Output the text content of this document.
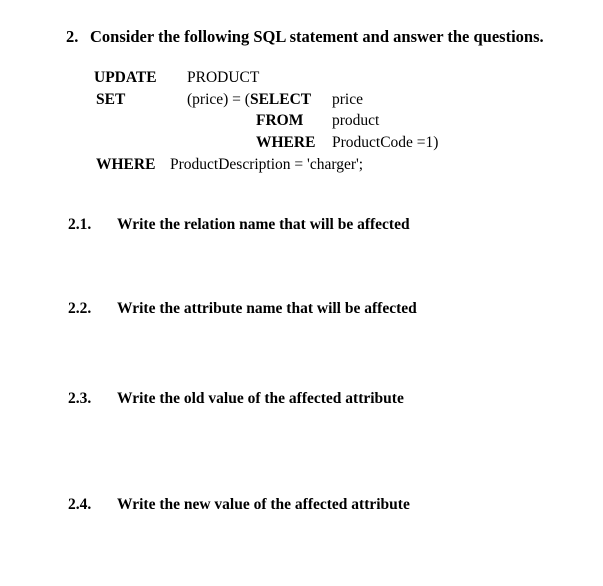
2. Consider the following SQL statement and answer the questions.
UPDATE PRODUCT
SET	(price) = (SELECT price
FROM product
WHERE ProductCode =1)
WHERE ProductDescription = 'charger';
2.1. Write the relation name that will be affected
2.2. Write the attribute name that will be affected
2.3. Write the old value of the affected attribute
2.4. Write the new value of the affected attribute
